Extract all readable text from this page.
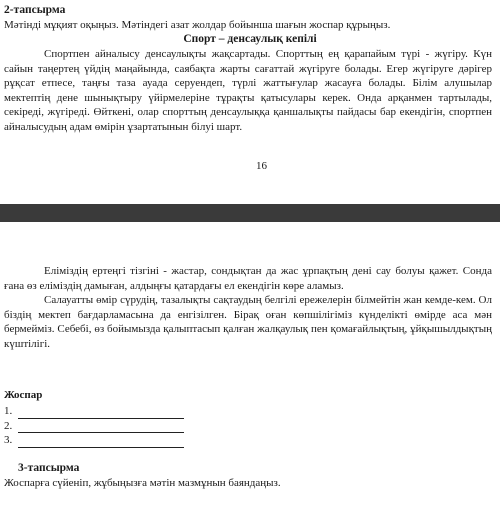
2-тапсырма
Мәтінді мұқият оқыңыз. Мәтіндегі азат жолдар бойынша шағын жоспар құрыңыз.
Спорт – денсаулық кепілі

Спортпен айналысу денсаулықты жақсартады. Спорттың ең қарапайым түрі - жүгіру. Күн сайын таңертең үйдің маңайында, саябақта жарты сағаттай жүгіруге болады. Егер жүгіруге дәрігер рұқсат етпесе, таңғы таза ауада серуендеп, түрлі жаттығулар жасауға болады. Білім алушылар мектептің дене шынықтыру үйірмелеріне тұрақты қатысулары керек. Онда арқанмен тартылады, секіреді, жүгіреді. Өйткені, олар спорттың денсаулыққа қаншалықты пайдасы бар екендігін, спортпен айналысудың адам өмірін ұзартатынын білуі шарт.

16

Еліміздің ертеңгі тізгіні - жастар, сондықтан да жас ұрпақтың дені сау болуы қажет. Сонда ғана өз еліміздің дамыған, алдыңғы қатардағы ел екендігін көре аламыз.

Салауатты өмір сүрудің, тазалықты сақтаудың белгілі ережелерін білмейтін жан кемде-кем. Ол біздің мектеп бағдарламасына да енгізілген. Бірақ оған көпшілігіміз күнделікті өмірде аса мән бермейміз. Себебі, өз бойымызда қалыптасып қалған жалқаулық пен қомағайлықтың, ұйқышылдықтың күштілігі.

Жоспар
1.
2.
3.
3-тапсырма
Жоспарға сүйеніп, жұбыңызға мәтін мазмұнын баяндаңыз.
